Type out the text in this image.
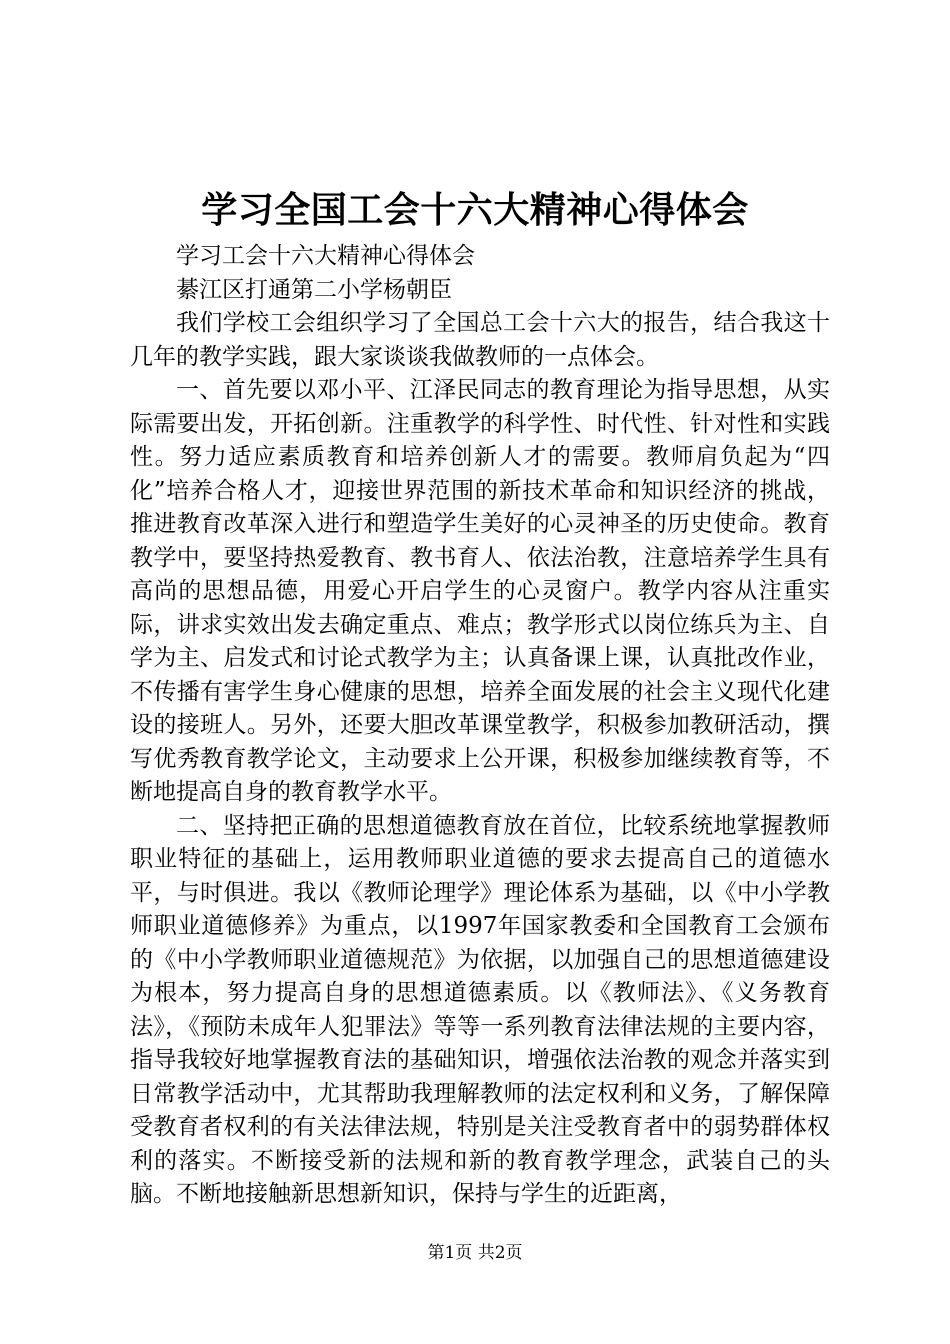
学习全国工会十六大精神心得体会

学习工会十六大精神心得体会

綦江区打通第二小学杨朝臣

我们学校工会组织学习了全国总工会十六大的报告，结合我这十几年的教学实践，跟大家谈谈我做教师的一点体会。

一、首先要以邓小平、江泽民同志的教育理论为指导思想，从实际需要出发，开拓创新。注重教学的科学性、时代性、针对性和实践性。努力适应素质教育和培养创新人才的需要。教师肩负起为“四化”培养合格人才，迎接世界范围的新技术革命和知识经济的挑战，推进教育改革深入进行和塑造学生美好的心灵神圣的历史使命。教育教学中，要坚持热爱教育、教书育人、依法治教，注意培养学生具有高尚的思想品德，用爱心开启学生的心灵窗户。教学内容从注重实际，讲求实效出发去确定重点、难点；教学形式以岗位练兵为主、自学为主、启发式和讨论式教学为主；认真备课上课，认真批改作业，不传播有害学生身心健康的思想，培养全面发展的社会主义现代化建设的接班人。另外，还要大胆改革课堂教学，积极参加教研活动，撰写优秀教育教学论文，主动要求上公开课，积极参加继续教育等，不断地提高自身的教育教学水平。

二、坚持把正确的思想道德教育放在首位，比较系统地掌握教师职业特征的基础上，运用教师职业道德的要求去提高自己的道德水平，与时俱进。我以《教师论理学》理论体系为基础，以《中小学教师职业道德修养》为重点，以1997年国家教委和全国教育工会颁布的《中小学教师职业道德规范》为依据，以加强自己的思想道德建设为根本，努力提高自身的思想道德素质。以《教师法》、《义务教育法》，《预防未成年人犯罪法》等等一系列教育法律法规的主要内容，指导我较好地掌握教育法的基础知识，增强依法治教的观念并落实到日常教学活动中，尤其帮助我理解教师的法定权利和义务，了解保障受教育者权利的有关法律法规，特别是关注受教育者中的弱势群体权利的落实。不断接受新的法规和新的教育教学理念，武装自己的头脑。不断地接触新思想新知识，保持与学生的近距离，

第1页 共2页
